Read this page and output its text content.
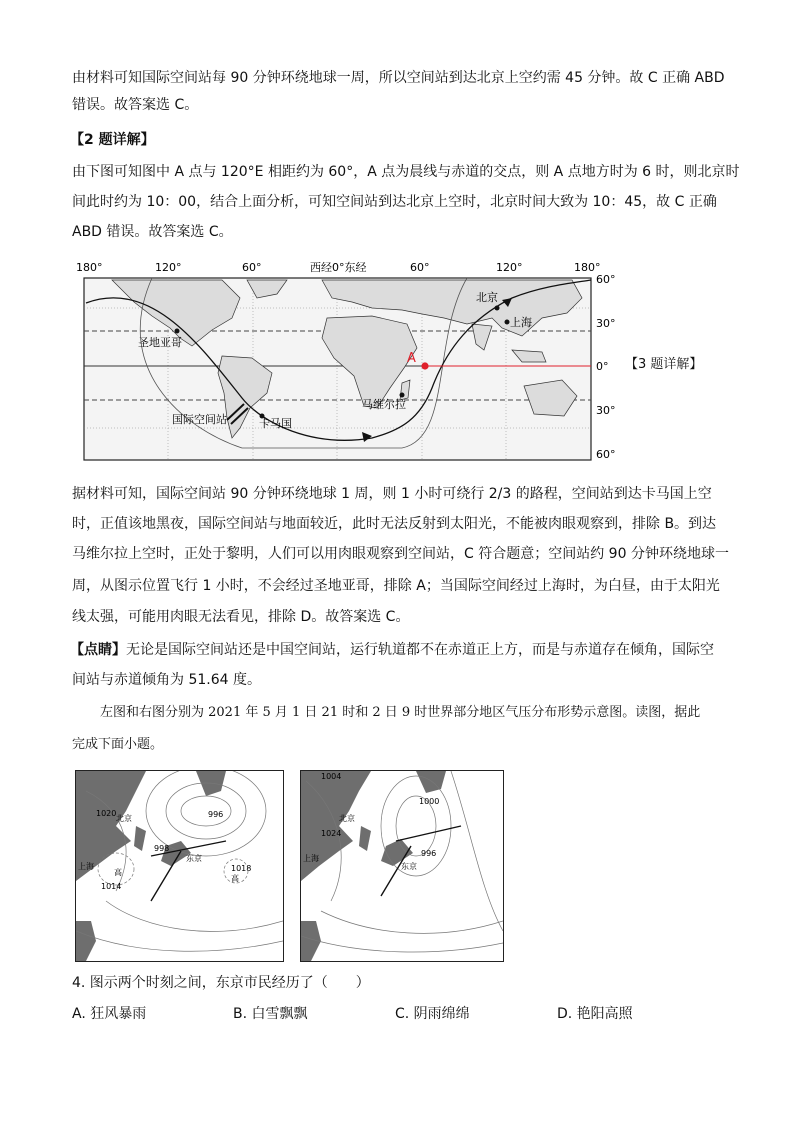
由材料可知国际空间站每 90 分钟环绕地球一周，所以空间站到达北京上空约需 45 分钟。故 C 正确 ABD
错误。故答案选 C。
【2 题详解】
由下图可知图中 A 点与 120°E 相距约为 60°，A 点为晨线与赤道的交点，则 A 点地方时为 6 时，则北京时
间此时约为 10：00，结合上面分析，可知空间站到达北京上空时，北京时间大致为 10：45，故 C 正确
ABD 错误。故答案选 C。
180°	120°	60°	西经0°东经	60°	120°	180°
60°
30°
0°
30°
60°
A
北京
上海
圣地亚哥
马维尔拉
国际空间站	卡马国
【3 题详解】
据材料可知，国际空间站 90 分钟环绕地球 1 周，则 1 小时可绕行 2/3 的路程，空间站到达卡马国上空
时，正值该地黑夜，国际空间站与地面较近，此时无法反射到太阳光，不能被肉眼观察到，排除 B。到达
马维尔拉上空时，正处于黎明，人们可以用肉眼观察到空间站，C 符合题意；空间站约 90 分钟环绕地球一
周，从图示位置飞行 1 小时，不会经过圣地亚哥，排除 A；当国际空间经过上海时，为白昼，由于太阳光
线太强，可能用肉眼无法看见，排除 D。故答案选 C。
【点睛】无论是国际空间站还是中国空间站，运行轨道都不在赤道正上方，而是与赤道存在倾角，国际空
间站与赤道倾角为 51.64 度。
左图和右图分别为 2021 年 5 月 1 日 21 时和 2 日 9 时世界部分地区气压分布形势示意图。读图，据此
完成下面小题。
1020	996
北京
998
东京
上海
高
1014
1018
高
1004
1000
北京
1024
上海
996
东京
4. 图示两个时刻之间，东京市民经历了（　　）
A. 狂风暴雨	B. 白雪飘飘	C. 阴雨绵绵	D. 艳阳高照
